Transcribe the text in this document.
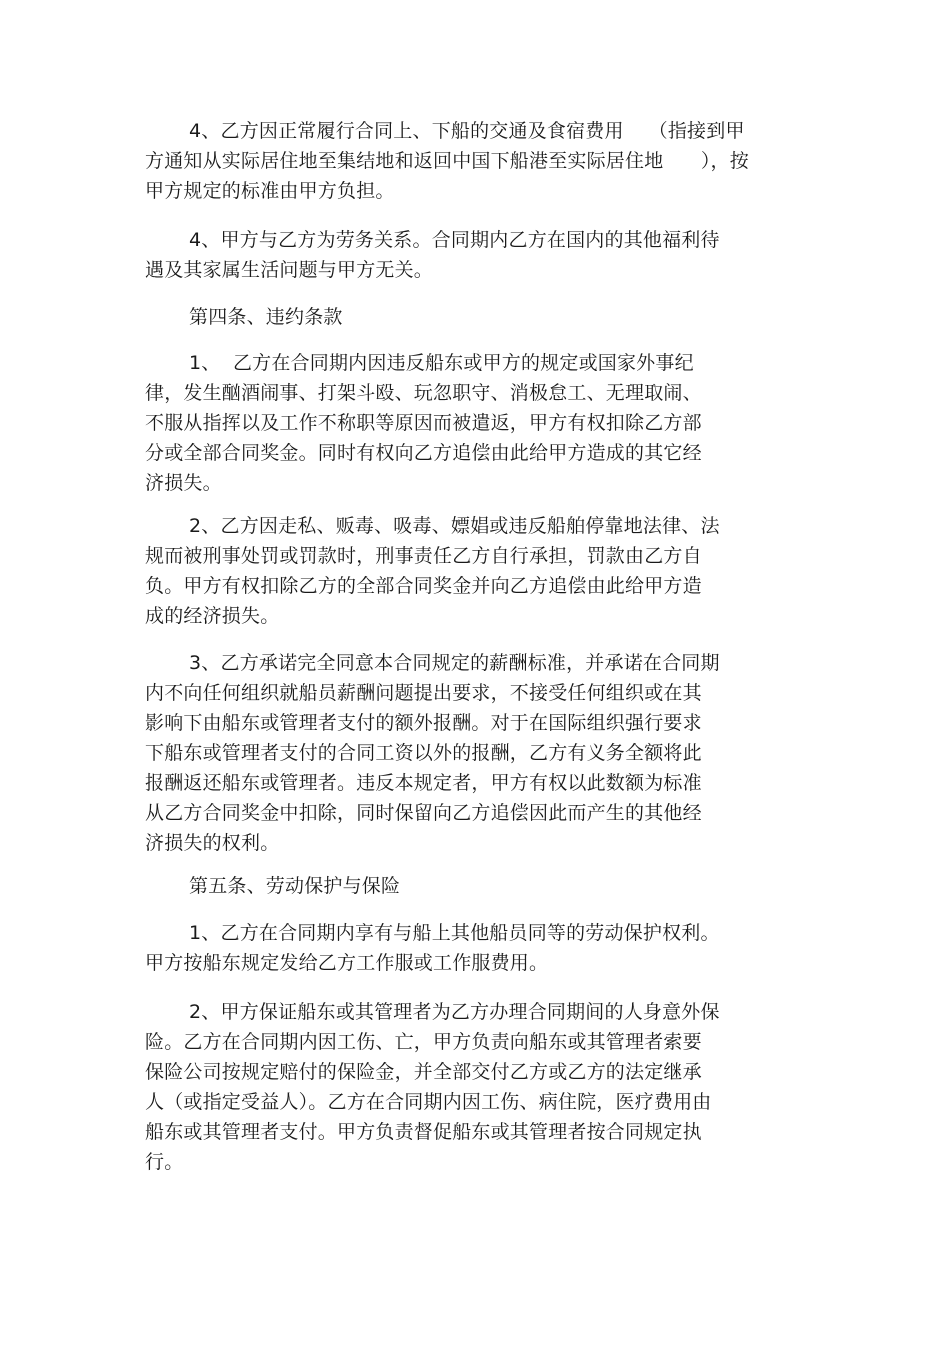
4、乙方因正常履行合同上、下船的交通及食宿费用    （指接到甲
方通知从实际居住地至集结地和返回中国下船港至实际居住地      ），按
甲方规定的标准由甲方负担。
4、甲方与乙方为劳务关系。合同期内乙方在国内的其他福利待
遇及其家属生活问题与甲方无关。
第四条、违约条款
1、  乙方在合同期内因违反船东或甲方的规定或国家外事纪
律，发生酗酒闹事、打架斗殴、玩忽职守、消极怠工、无理取闹、
不服从指挥以及工作不称职等原因而被遣返，甲方有权扣除乙方部
分或全部合同奖金。同时有权向乙方追偿由此给甲方造成的其它经
济损失。
2、乙方因走私、贩毒、吸毒、嫖娼或违反船舶停靠地法律、法
规而被刑事处罚或罚款时，刑事责任乙方自行承担，罚款由乙方自
负。甲方有权扣除乙方的全部合同奖金并向乙方追偿由此给甲方造
成的经济损失。
3、乙方承诺完全同意本合同规定的薪酬标准，并承诺在合同期
内不向任何组织就船员薪酬问题提出要求，不接受任何组织或在其
影响下由船东或管理者支付的额外报酬。对于在国际组织强行要求
下船东或管理者支付的合同工资以外的报酬，乙方有义务全额将此
报酬返还船东或管理者。违反本规定者，甲方有权以此数额为标准
从乙方合同奖金中扣除，同时保留向乙方追偿因此而产生的其他经
济损失的权利。
第五条、劳动保护与保险
1、乙方在合同期内享有与船上其他船员同等的劳动保护权利。
甲方按船东规定发给乙方工作服或工作服费用。
2、甲方保证船东或其管理者为乙方办理合同期间的人身意外保
险。乙方在合同期内因工伤、亡，甲方负责向船东或其管理者索要
保险公司按规定赔付的保险金，并全部交付乙方或乙方的法定继承
人（或指定受益人）。乙方在合同期内因工伤、病住院，医疗费用由
船东或其管理者支付。甲方负责督促船东或其管理者按合同规定执
行。
